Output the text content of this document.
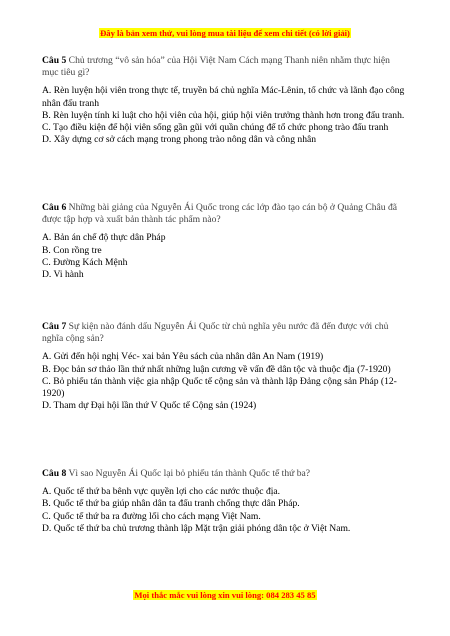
Đây là bản xem thử, vui lòng mua tài liệu để xem chi tiết (có lời giải)

Câu 5 Chủ trương “vô sản hóa” của Hội Việt Nam Cách mạng Thanh niên nhằm thực hiện mục tiêu gì?

A. Rèn luyện hội viên trong thực tế, truyền bá chủ nghĩa Mác-Lênin, tổ chức và lãnh đạo công nhân đấu tranh

B. Rèn luyện tính kỉ luật cho hội viên của hội, giúp hội viên trưởng thành hơn trong đấu tranh.

C. Tạo điều kiện để hội viên sống gần gũi với quần chúng để tổ chức phong trào đấu tranh

D. Xây dựng cơ sở cách mạng trong phong trào nông dân và công nhân

Câu 6 Những bài giảng của Nguyễn Ái Quốc trong các lớp đào tạo cán bộ ở Quảng Châu đã được tập hợp và xuất bản thành tác phẩm nào?

A. Bản án chế độ thực dân Pháp

B. Con rồng tre

C. Đường Kách Mệnh

D. Vi hành

Câu 7 Sự kiện nào đánh dấu Nguyễn Ái Quốc từ chủ nghĩa yêu nước đã đến được với chủ nghĩa cộng sản?

A. Gửi đến hội nghị Véc- xai bản Yêu sách của nhân dân An Nam (1919)

B. Đọc bản sơ thảo lần thứ nhất những luận cương về vấn đề dân tộc và thuộc địa (7-1920)

C. Bỏ phiếu tán thành việc gia nhập Quốc tế cộng sản và thành lập Đảng cộng sản Pháp (12-1920)

D. Tham dự Đại hội lần thứ V Quốc tế Cộng sản (1924)

Câu 8 Vì sao Nguyễn Ái Quốc lại bỏ phiếu tán thành Quốc tế thứ ba?

A. Quốc tế thứ ba bênh vực quyền lợi cho các nước thuộc địa.

B. Quốc tế thứ ba giúp nhân dân ta đấu tranh chống thực dân Pháp.

C. Quốc tế thứ ba ra đường lối cho cách mạng Việt Nam.

D. Quốc tế thứ ba chủ trương thành lập Mặt trận giải phóng dân tộc ở Việt Nam.

Mọi thắc mắc vui lòng xin vui lòng: 084 283 45 85
